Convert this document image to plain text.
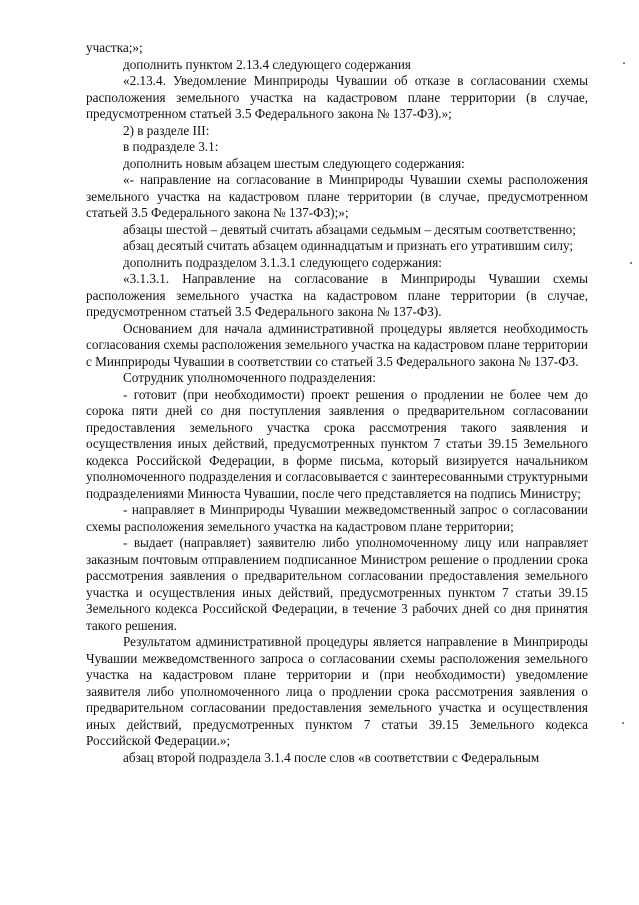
участка;»;

дополнить пунктом 2.13.4 следующего содержания

«2.13.4. Уведомление Минприроды Чувашии об отказе в согласовании схемы расположения земельного участка на кадастровом плане территории (в случае, предусмотренном статьей 3.5 Федерального закона № 137-ФЗ).»;

2) в разделе III:

в подразделе 3.1:

дополнить новым абзацем шестым следующего содержания:

«- направление на согласование в Минприроды Чувашии схемы расположения земельного участка на кадастровом плане территории (в случае, предусмотренном статьей 3.5 Федерального закона № 137-ФЗ);»;

абзацы шестой – девятый считать абзацами седьмым – десятым соответственно;

абзац десятый считать абзацем одиннадцатым и признать его утратившим силу;

дополнить подразделом 3.1.3.1 следующего содержания:

«3.1.3.1. Направление на согласование в Минприроды Чувашии схемы расположения земельного участка на кадастровом плане территории (в случае, предусмотренном статьей 3.5 Федерального закона № 137-ФЗ).

Основанием для начала административной процедуры является необходимость согласования схемы расположения земельного участка на кадастровом плане территории с Минприроды Чувашии в соответствии со статьей 3.5 Федерального закона № 137-ФЗ.

Сотрудник уполномоченного подразделения:

- готовит (при необходимости) проект решения о продлении не более чем до сорока пяти дней со дня поступления заявления о предварительном согласовании предоставления земельного участка срока рассмотрения такого заявления и осуществления иных действий, предусмотренных пунктом 7 статьи 39.15 Земельного кодекса Российской Федерации, в форме письма, который визируется начальником уполномоченного подразделения и согласовывается с заинтересованными структурными подразделениями Минюста Чувашии, после чего представляется на подпись Министру;

- направляет в Минприроды Чувашии межведомственный запрос о согласовании схемы расположения земельного участка на кадастровом плане территории;

- выдает (направляет) заявителю либо уполномоченному лицу или направляет заказным почтовым отправлением подписанное Министром решение о продлении срока рассмотрения заявления о предварительном согласовании предоставления земельного участка и осуществления иных действий, предусмотренных пунктом 7 статьи 39.15 Земельного кодекса Российской Федерации, в течение 3 рабочих дней со дня принятия такого решения.

Результатом административной процедуры является направление в Минприроды Чувашии межведомственного запроса о согласовании схемы расположения земельного участка на кадастровом плане территории и (при необходимости) уведомление заявителя либо уполномоченного лица о продлении срока рассмотрения заявления о предварительном согласовании предоставления земельного участка и осуществления иных действий, предусмотренных пунктом 7 статьи 39.15 Земельного кодекса Российской Федерации.»;

абзац второй подраздела 3.1.4 после слов «в соответствии с Федеральным
